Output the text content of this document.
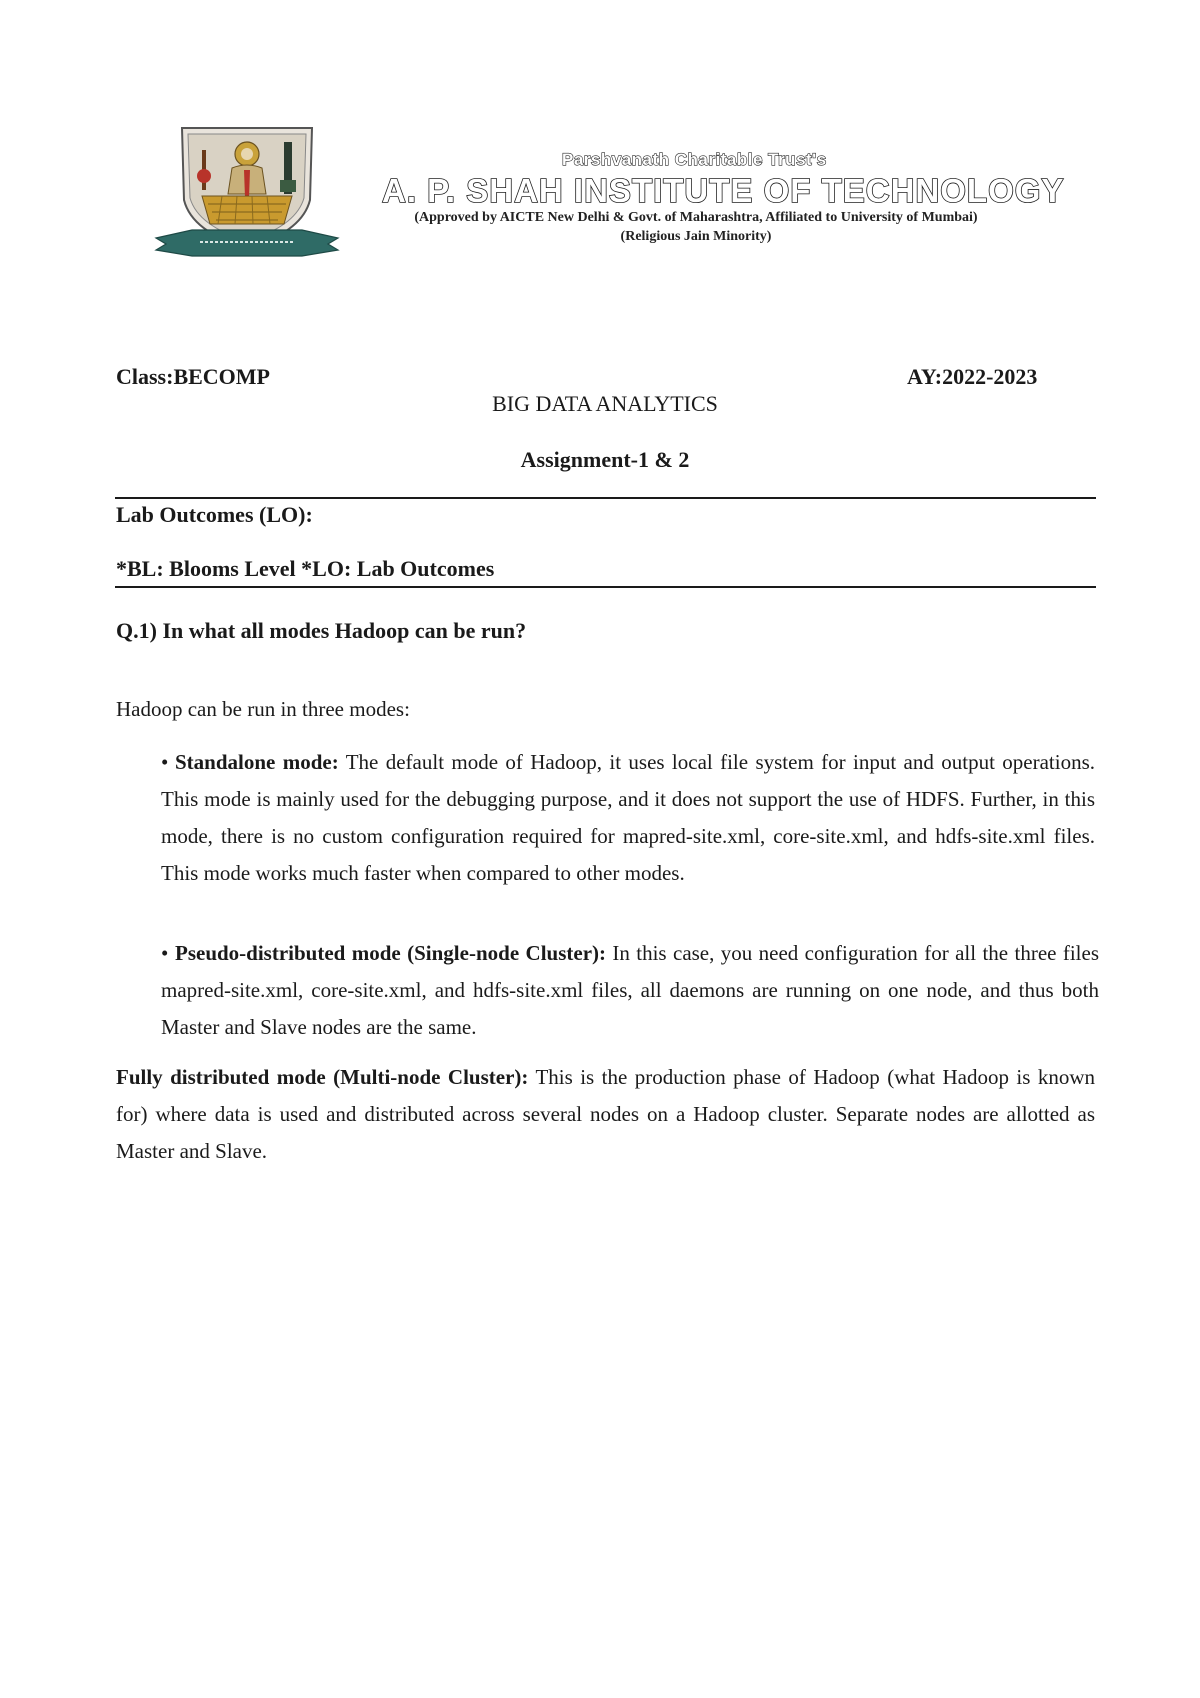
Parshvanath Charitable Trust's
A. P. SHAH INSTITUTE OF TECHNOLOGY
(Approved by AICTE New Delhi & Govt. of Maharashtra, Affiliated to University of Mumbai)
(Religious Jain Minority)
Class:BECOMP	AY:2022-2023
BIG DATA ANALYTICS
Assignment-1 & 2
Lab Outcomes (LO):
*BL: Blooms Level *LO: Lab Outcomes
Q.1) In what all modes Hadoop can be run?
Hadoop can be run in three modes:
• Standalone mode: The default mode of Hadoop, it uses local file system for input and output operations. This mode is mainly used for the debugging purpose, and it does not support the use of HDFS. Further, in this mode, there is no custom configuration required for mapred-site.xml, core-site.xml, and hdfs-site.xml files. This mode works much faster when compared to other modes.
• Pseudo-distributed mode (Single-node Cluster): In this case, you need configuration for all the three files mapred-site.xml, core-site.xml, and hdfs-site.xml files, all daemons are running on one node, and thus both Master and Slave nodes are the same.
Fully distributed mode (Multi-node Cluster): This is the production phase of Hadoop (what Hadoop is known for) where data is used and distributed across several nodes on a Hadoop cluster. Separate nodes are allotted as Master and Slave.
